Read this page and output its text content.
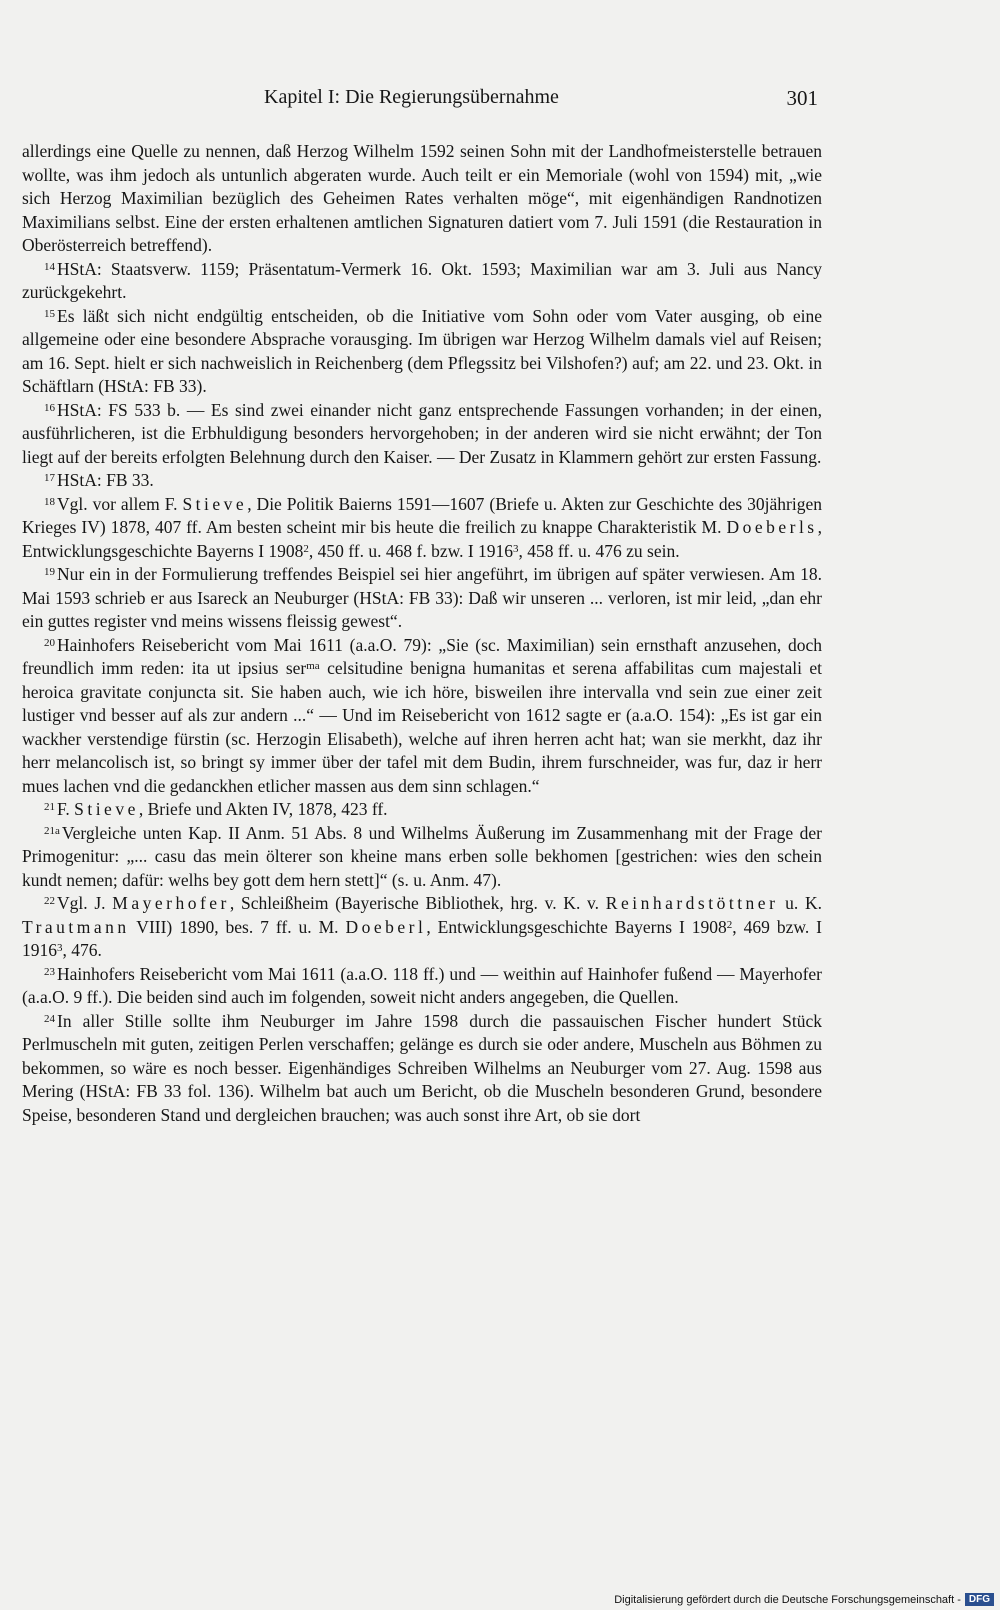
Kapitel I: Die Regierungsübernahme	301

allerdings eine Quelle zu nennen, daß Herzog Wilhelm 1592 seinen Sohn mit der Landhofmeisterstelle betrauen wollte, was ihm jedoch als untunlich abgeraten wurde. Auch teilt er ein Memoriale (wohl von 1594) mit, „wie sich Herzog Maximilian bezüglich des Geheimen Rates verhalten möge“, mit eigenhändigen Randnotizen Maximilians selbst. Eine der ersten erhaltenen amtlichen Signaturen datiert vom 7. Juli 1591 (die Restauration in Oberösterreich betreffend).

$^{14}$ HStA: Staatsverw. 1159; Präsentatum-Vermerk 16. Okt. 1593; Maximilian war am 3. Juli aus Nancy zurückgekehrt.

$^{15}$ Es läßt sich nicht endgültig entscheiden, ob die Initiative vom Sohn oder vom Vater ausging, ob eine allgemeine oder eine besondere Absprache vorausging. Im übrigen war Herzog Wilhelm damals viel auf Reisen; am 16. Sept. hielt er sich nachweislich in Reichenberg (dem Pflegssitz bei Vilshofen?) auf; am 22. und 23. Okt. in Schäftlarn (HStA: FB 33).

$^{16}$ HStA: FS 533 b. — Es sind zwei einander nicht ganz entsprechende Fassungen vorhanden; in der einen, ausführlicheren, ist die Erbhuldigung besonders hervorgehoben; in der anderen wird sie nicht erwähnt; der Ton liegt auf der bereits erfolgten Belehnung durch den Kaiser. — Der Zusatz in Klammern gehört zur ersten Fassung.

$^{17}$ HStA: FB 33.

$^{18}$ Vgl. vor allem F. Stieve, Die Politik Baierns 1591—1607 (Briefe u. Akten zur Geschichte des 30jährigen Krieges IV) 1878, 407 ff. Am besten scheint mir bis heute die freilich zu knappe Charakteristik M. Doeberls, Entwicklungsgeschichte Bayerns I 1908$^2$, 450 ff. u. 468 f. bzw. I 1916$^3$, 458 ff. u. 476 zu sein.

$^{19}$ Nur ein in der Formulierung treffendes Beispiel sei hier angeführt, im übrigen auf später verwiesen. Am 18. Mai 1593 schrieb er aus Isareck an Neuburger (HStA: FB 33): Daß wir unseren ... verloren, ist mir leid, „dan ehr ein guttes register vnd meins wissens fleissig gewest“.

$^{20}$ Hainhofers Reisebericht vom Mai 1611 (a.a.O. 79): „Sie (sc. Maximilian) sein ernsthaft anzusehen, doch freundlich imm reden: ita ut ipsius ser$^{ma}$ celsitudine benigna humanitas et serena affabilitas cum majestali et heroica gravitate conjuncta sit. Sie haben auch, wie ich höre, bisweilen ihre intervalla vnd sein zue einer zeit lustiger vnd besser auf als zur andern ...“ — Und im Reisebericht von 1612 sagte er (a.a.O. 154): „Es ist gar ein wackher verstendige fürstin (sc. Herzogin Elisabeth), welche auf ihren herren acht hat; wan sie merkht, daz ihr herr melancolisch ist, so bringt sy immer über der tafel mit dem Budin, ihrem furschneider, was fur, daz ir herr mues lachen vnd die gedanckhen etlicher massen aus dem sinn schlagen.“

$^{21}$ F. Stieve, Briefe und Akten IV, 1878, 423 ff.

$^{21a}$ Vergleiche unten Kap. II Anm. 51 Abs. 8 und Wilhelms Äußerung im Zusammenhang mit der Frage der Primogenitur: „... casu das mein ölterer son kheine mans erben solle bekhomen [gestrichen: wies den schein kundt nemen; dafür: welhs bey gott dem hern stett]“ (s. u. Anm. 47).

$^{22}$ Vgl. J. Mayerhofer, Schleißheim (Bayerische Bibliothek, hrg. v. K. v. Reinhardstöttner u. K. Trautmann VIII) 1890, bes. 7 ff. u. M. Doeberl, Entwicklungsgeschichte Bayerns I 1908$^2$, 469 bzw. I 1916$^3$, 476.

$^{23}$ Hainhofers Reisebericht vom Mai 1611 (a.a.O. 118 ff.) und — weithin auf Hainhofer fußend — Mayerhofer (a.a.O. 9 ff.). Die beiden sind auch im folgenden, soweit nicht anders angegeben, die Quellen.

$^{24}$ In aller Stille sollte ihm Neuburger im Jahre 1598 durch die passauischen Fischer hundert Stück Perlmuscheln mit guten, zeitigen Perlen verschaffen; gelänge es durch sie oder andere, Muscheln aus Böhmen zu bekommen, so wäre es noch besser. Eigenhändiges Schreiben Wilhelms an Neuburger vom 27. Aug. 1598 aus Mering (HStA: FB 33 fol. 136). Wilhelm bat auch um Bericht, ob die Muscheln besonderen Grund, besondere Speise, besonderen Stand und dergleichen brauchen; was auch sonst ihre Art, ob sie dort

Digitalisierung gefördert durch die Deutsche Forschungsgemeinschaft - DFG
